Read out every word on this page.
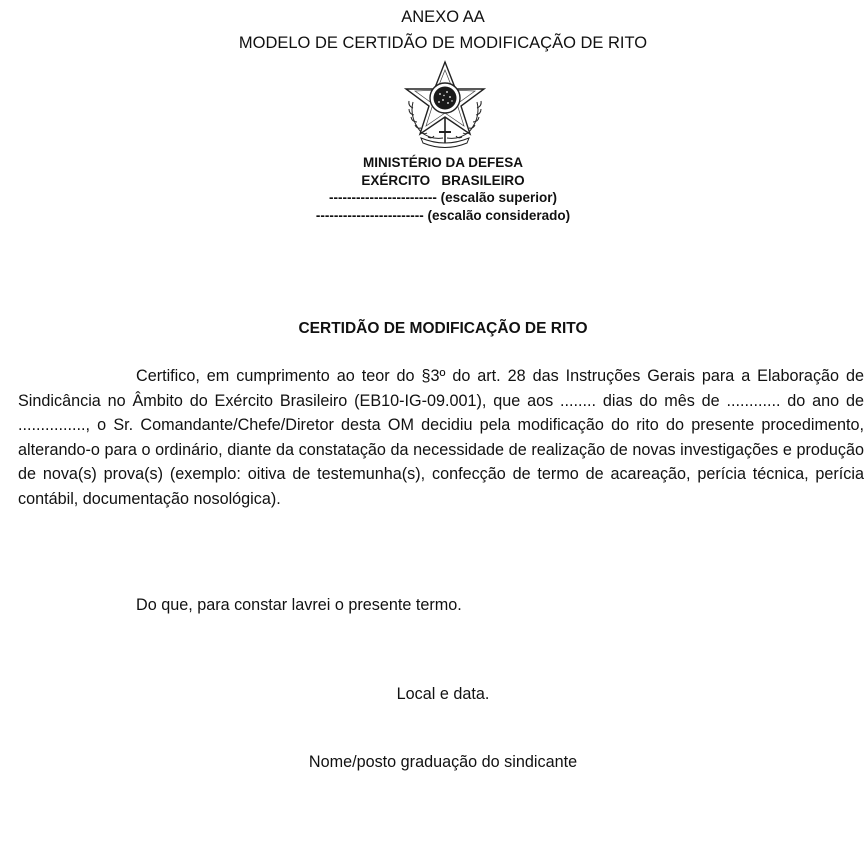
ANEXO AA
MODELO DE CERTIDÃO DE MODIFICAÇÃO DE RITO
MINISTÉRIO DA DEFESA
EXÉRCITO   BRASILEIRO
------------------------ (escalão superior)
------------------------ (escalão considerado)
CERTIDÃO DE MODIFICAÇÃO DE RITO

Certifico, em cumprimento ao teor do §3º do art. 28 das Instruções Gerais para a Elaboração de Sindicância no Âmbito do Exército Brasileiro (EB10-IG-09.001), que aos ........ dias do mês de ............ do ano de ..............., o Sr. Comandante/Chefe/Diretor desta OM decidiu pela modificação do rito do presente procedimento, alterando-o para o ordinário, diante da constatação da necessidade de realização de novas investigações e produção de nova(s) prova(s) (exemplo: oitiva de testemunha(s), confecção de termo de acareação, perícia técnica, perícia contábil, documentação nosológica).

Do que, para constar lavrei o presente termo.
Local e data.
Nome/posto graduação do sindicante
